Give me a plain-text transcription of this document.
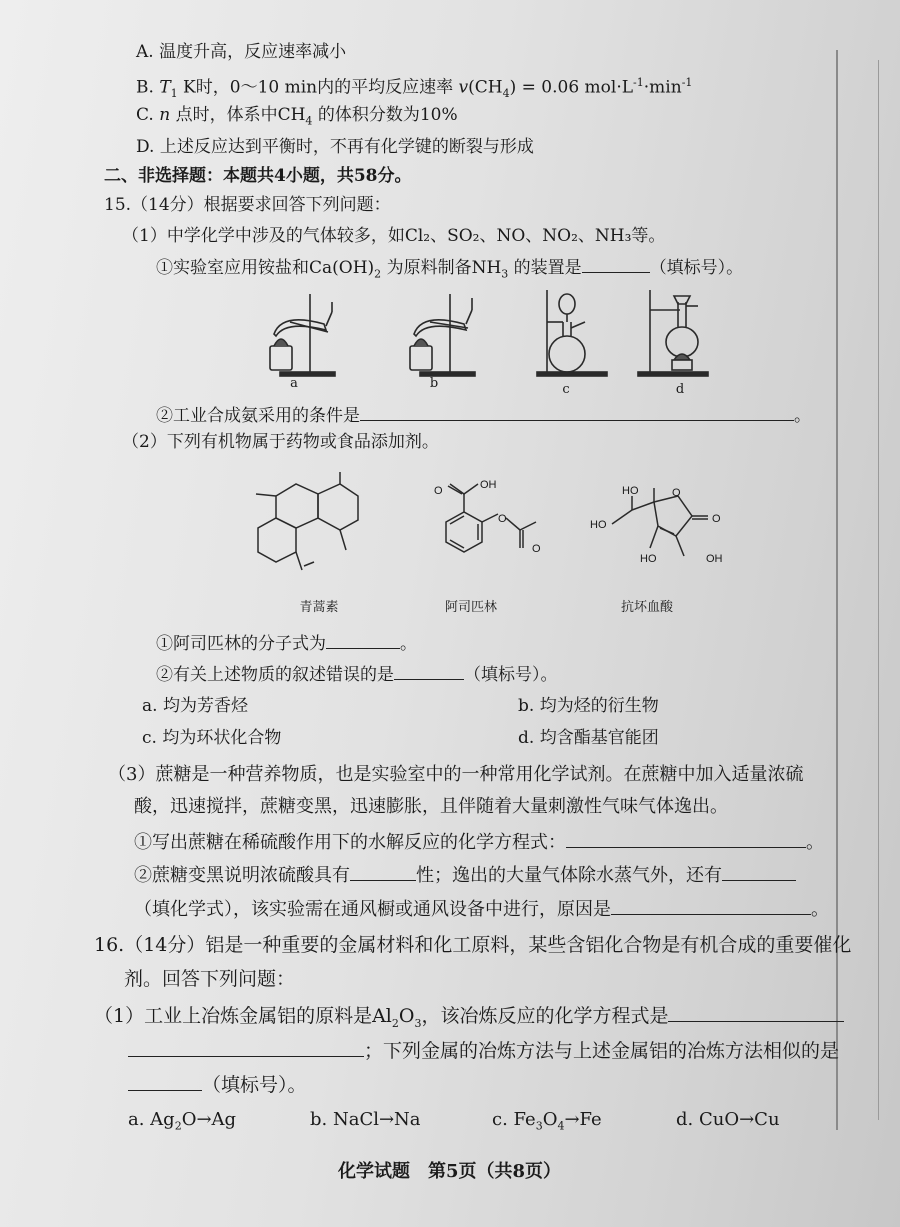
A. 温度升高，反应速率减小
B. $T_1$ K时，0～10 min内的平均反应速率 $v(CH_4) = 0.06$ $mol\cdot L^{-1}\cdot\min^{-1}$
C. n 点时，体系中$CH_4$ 的体积分数为10%
D. 上述反应达到平衡时，不再有化学键的断裂与形成
二、非选择题：本题共4小题，共58分。
15.（14分）根据要求回答下列问题：
（1）中学化学中涉及的气体较多，如Cl₂、SO₂、NO、NO₂、NH₃等。
①实验室应用铵盐和$Ca(OH)_2$ 为原料制备$NH_3$ 的装置是	（填标号）。
a	b	c	d
②工业合成氨采用的条件是	。
（2）下列有机物属于药物或食品添加剂。
O	OH
O
O
HO
HO
O
O
HO	OH
青蒿素	阿司匹林	抗坏血酸
①阿司匹林的分子式为	。
②有关上述物质的叙述错误的是	（填标号）。
a. 均为芳香烃	b. 均为烃的衍生物
c. 均为环状化合物	d. 均含酯基官能团
（3）蔗糖是一种营养物质，也是实验室中的一种常用化学试剂。在蔗糖中加入适量浓硫
酸，迅速搅拌，蔗糖变黑，迅速膨胀，且伴随着大量刺激性气味气体逸出。
①写出蔗糖在稀硫酸作用下的水解反应的化学方程式：	。
②蔗糖变黑说明浓硫酸具有	性；逸出的大量气体除水蒸气外，还有
（填化学式），该实验需在通风橱或通风设备中进行，原因是	。
16.（14分）铝是一种重要的金属材料和化工原料，某些含铝化合物是有机合成的重要催化
剂。回答下列问题：
（1）工业上冶炼金属铝的原料是$Al_2O_3$，该冶炼反应的化学方程式是
；下列金属的冶炼方法与上述金属铝的冶炼方法相似的是
（填标号）。
a. $Ag_2O\to Ag$	b. NaCl→Na	c. $Fe_3O_4\to Fe$	d. CuO→Cu
化学试题　第5页（共8页）
